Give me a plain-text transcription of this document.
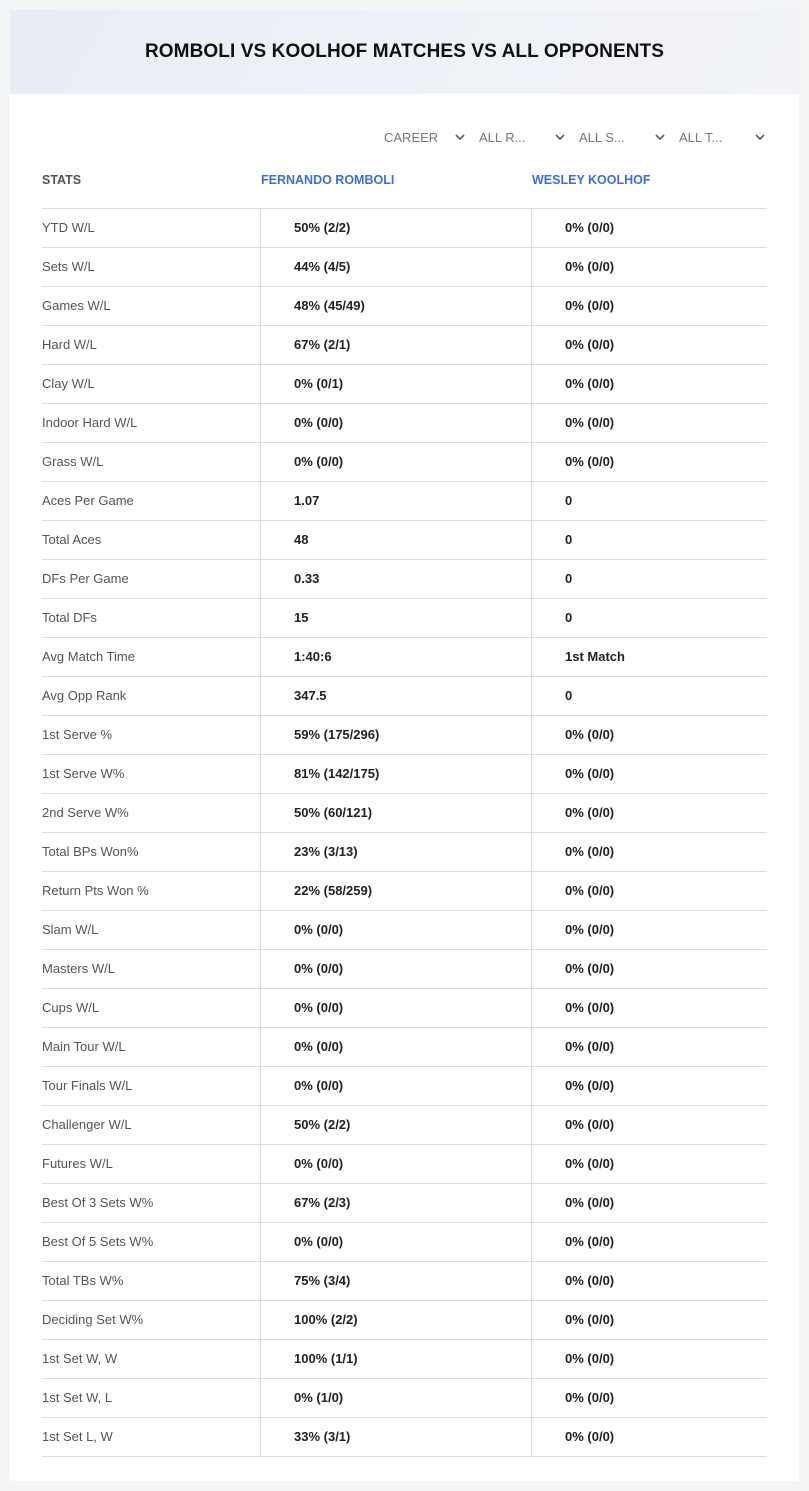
ROMBOLI VS KOOLHOF MATCHES VS ALL OPPONENTS
CAREER	ALL R...	ALL S...	ALL T...
STATS	FERNANDO ROMBOLI	WESLEY KOOLHOF
YTD W/L	50% (2/2)	0% (0/0)
Sets W/L	44% (4/5)	0% (0/0)
Games W/L	48% (45/49)	0% (0/0)
Hard W/L	67% (2/1)	0% (0/0)
Clay W/L	0% (0/1)	0% (0/0)
Indoor Hard W/L	0% (0/0)	0% (0/0)
Grass W/L	0% (0/0)	0% (0/0)
Aces Per Game	1.07	0
Total Aces	48	0
DFs Per Game	0.33	0
Total DFs	15	0
Avg Match Time	1:40:6	1st Match
Avg Opp Rank	347.5	0
1st Serve %	59% (175/296)	0% (0/0)
1st Serve W%	81% (142/175)	0% (0/0)
2nd Serve W%	50% (60/121)	0% (0/0)
Total BPs Won%	23% (3/13)	0% (0/0)
Return Pts Won %	22% (58/259)	0% (0/0)
Slam W/L	0% (0/0)	0% (0/0)
Masters W/L	0% (0/0)	0% (0/0)
Cups W/L	0% (0/0)	0% (0/0)
Main Tour W/L	0% (0/0)	0% (0/0)
Tour Finals W/L	0% (0/0)	0% (0/0)
Challenger W/L	50% (2/2)	0% (0/0)
Futures W/L	0% (0/0)	0% (0/0)
Best Of 3 Sets W%	67% (2/3)	0% (0/0)
Best Of 5 Sets W%	0% (0/0)	0% (0/0)
Total TBs W%	75% (3/4)	0% (0/0)
Deciding Set W%	100% (2/2)	0% (0/0)
1st Set W, W	100% (1/1)	0% (0/0)
1st Set W, L	0% (1/0)	0% (0/0)
1st Set L, W	33% (3/1)	0% (0/0)
